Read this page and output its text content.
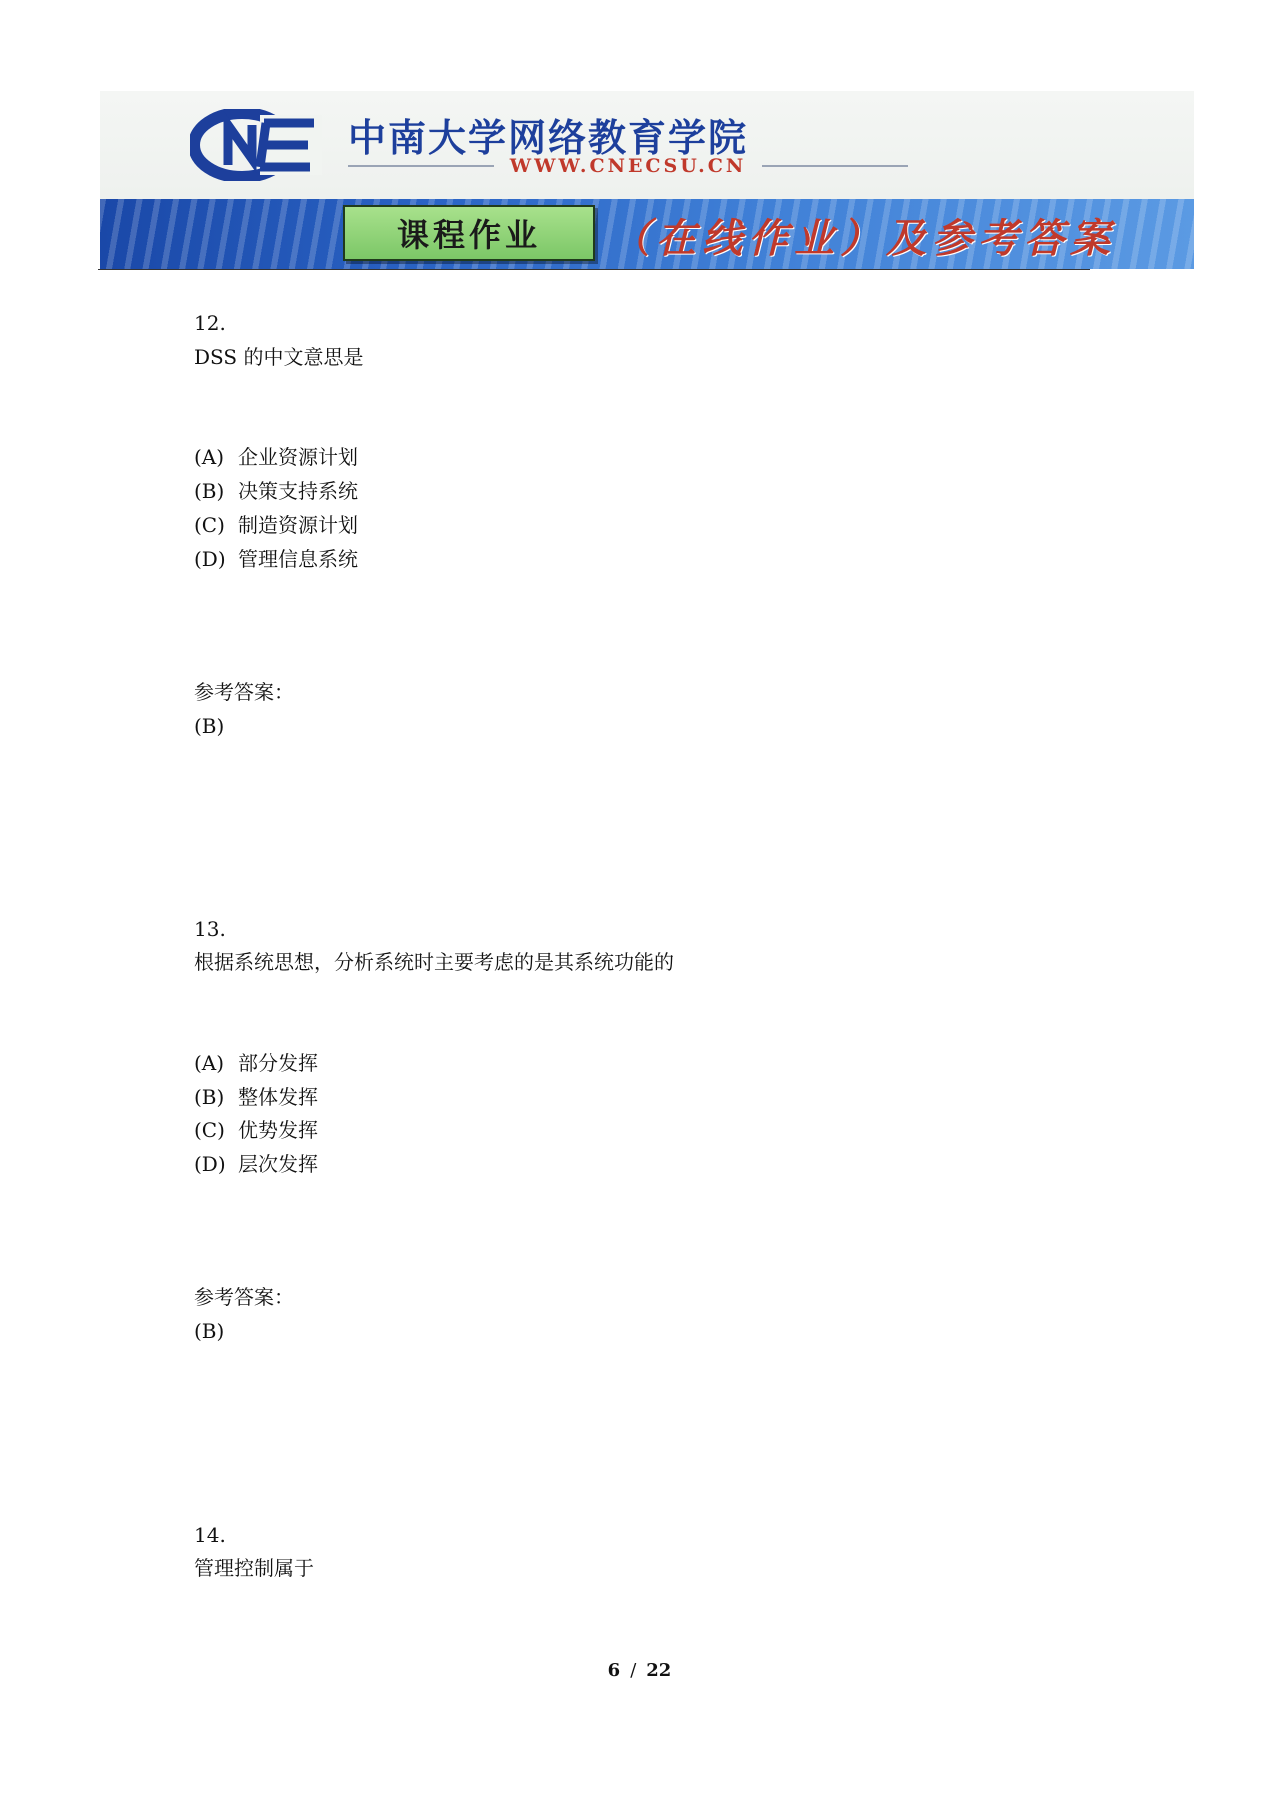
CNE
中南大学网络教育学院
WWW.CNECSU.CN
课程作业	（在线作业）及参考答案
12.
DSS 的中文意思是
(A) 企业资源计划
(B) 决策支持系统
(C) 制造资源计划
(D) 管理信息系统
参考答案：
(B)
13.
根据系统思想，分析系统时主要考虑的是其系统功能的
(A) 部分发挥
(B) 整体发挥
(C) 优势发挥
(D) 层次发挥
参考答案：
(B)
14.
管理控制属于
6 / 22
